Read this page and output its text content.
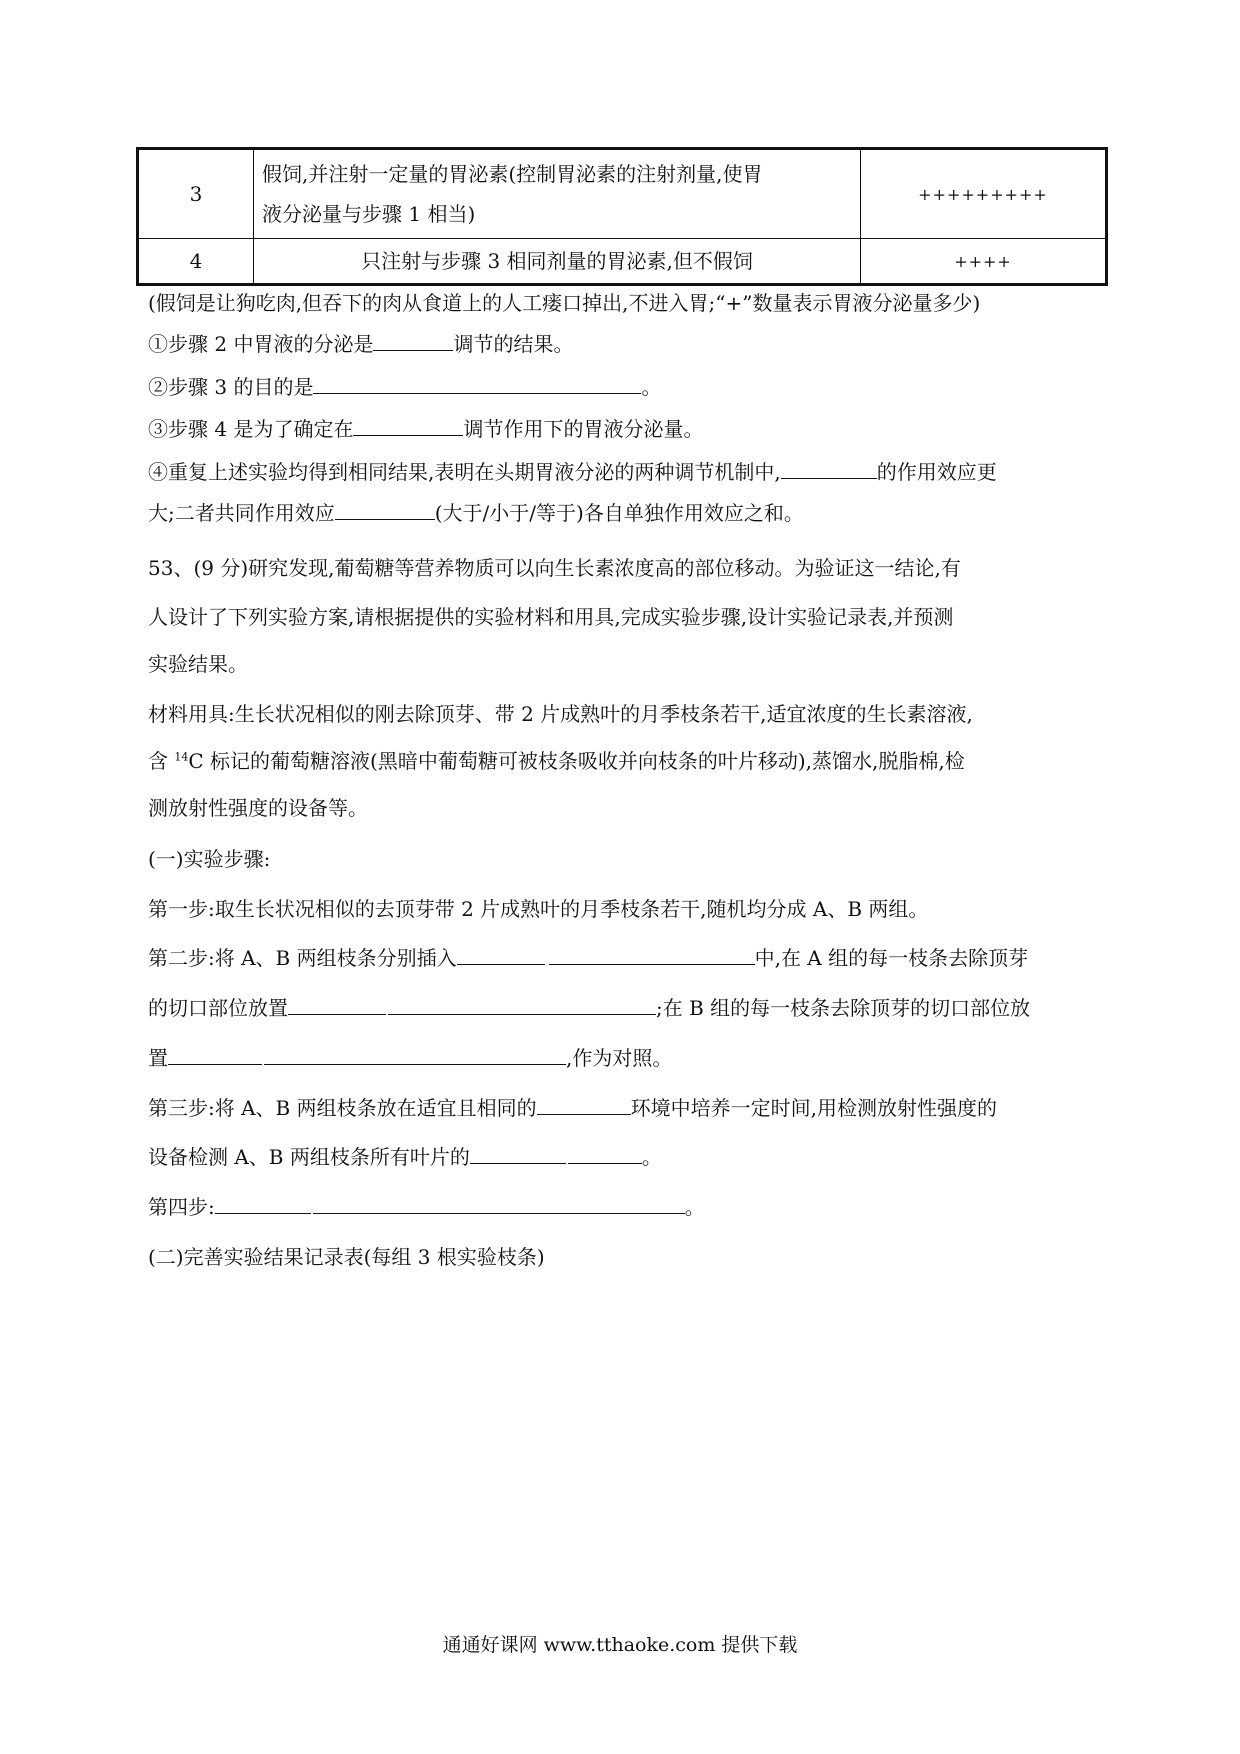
3	假饲,并注射一定量的胃泌素(控制胃泌素的注射剂量,使胃
液分泌量与步骤 1 相当)	+++++++++
4	只注射与步骤 3 相同剂量的胃泌素,但不假饲	++++
(假饲是让狗吃肉,但吞下的肉从食道上的人工瘘口掉出,不进入胃;“+”数量表示胃液分泌量多少)
①步骤 2 中胃液的分泌是	调节的结果。
②步骤 3 的目的是	。
③步骤 4 是为了确定在	调节作用下的胃液分泌量。
④重复上述实验均得到相同结果,表明在头期胃液分泌的两种调节机制中,	的作用效应更
大;二者共同作用效应	(大于/小于/等于)各自单独作用效应之和。
53、(9 分)研究发现,葡萄糖等营养物质可以向生长素浓度高的部位移动。为验证这一结论,有
人设计了下列实验方案,请根据提供的实验材料和用具,完成实验步骤,设计实验记录表,并预测
实验结果。
材料用具:生长状况相似的刚去除顶芽、带 2 片成熟叶的月季枝条若干,适宜浓度的生长素溶液,
含 $^{14}$C 标记的葡萄糖溶液(黑暗中葡萄糖可被枝条吸收并向枝条的叶片移动),蒸馏水,脱脂棉,检
测放射性强度的设备等。
(一)实验步骤:
第一步:取生长状况相似的去顶芽带 2 片成熟叶的月季枝条若干,随机均分成 A、B 两组。
第二步:将 A、B 两组枝条分别插入	中,在 A 组的每一枝条去除顶芽
的切口部位放置	;在 B 组的每一枝条去除顶芽的切口部位放
置	,作为对照。
第三步:将 A、B 两组枝条放在适宜且相同的	环境中培养一定时间,用检测放射性强度的
设备检测 A、B 两组枝条所有叶片的	。
第四步:	。
(二)完善实验结果记录表(每组 3 根实验枝条)
通通好课网 www.tthaoke.com 提供下载
